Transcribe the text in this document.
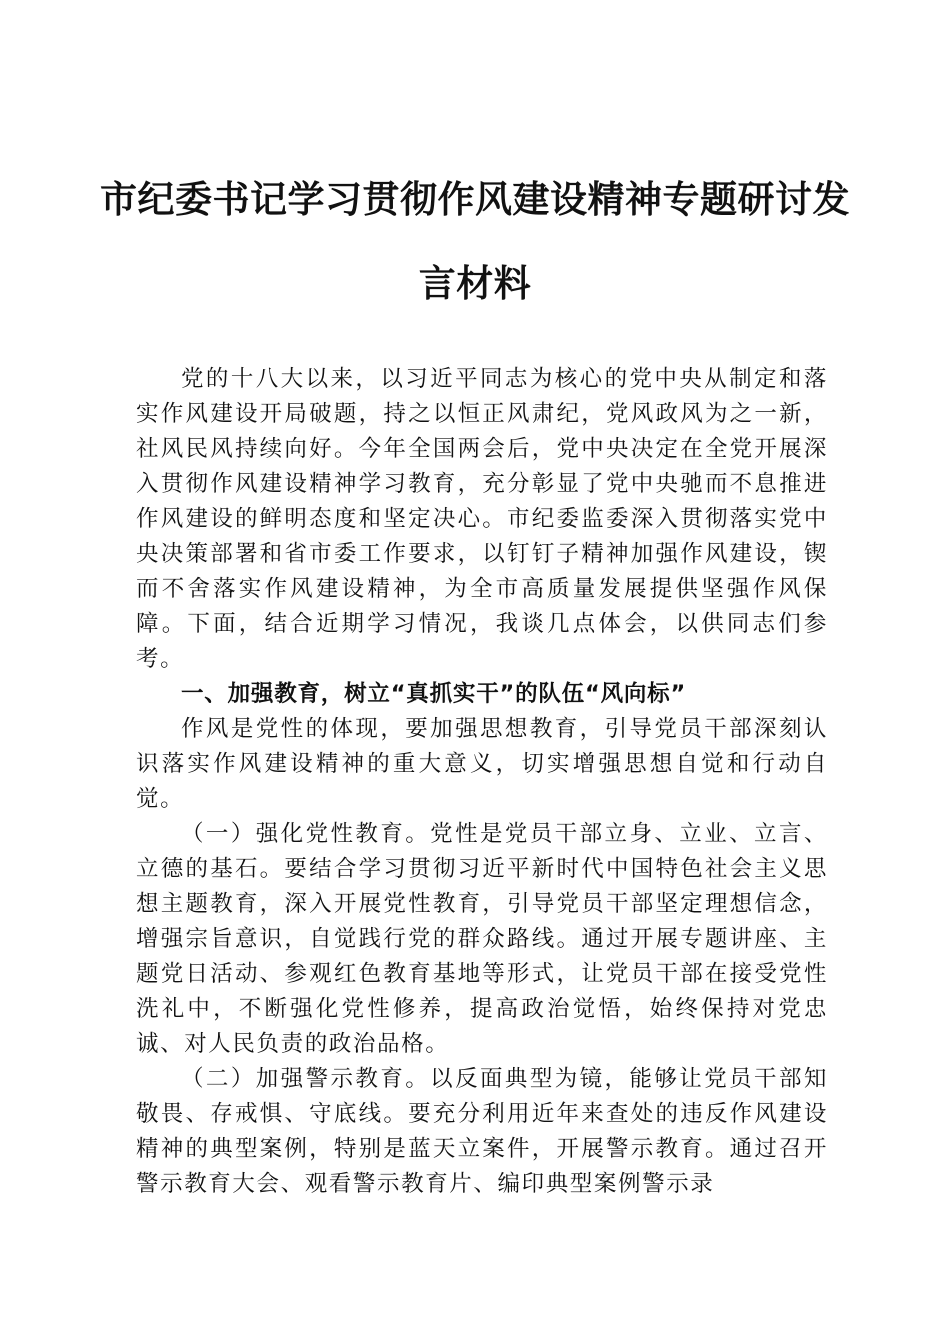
市纪委书记学习贯彻作风建设精神专题研讨发言材料

党的十八大以来，以习近平同志为核心的党中央从制定和落实作风建设开局破题，持之以恒正风肃纪，党风政风为之一新，社风民风持续向好。今年全国两会后，党中央决定在全党开展深入贯彻作风建设精神学习教育，充分彰显了党中央驰而不息推进作风建设的鲜明态度和坚定决心。市纪委监委深入贯彻落实党中央决策部署和省市委工作要求，以钉钉子精神加强作风建设，锲而不舍落实作风建设精神，为全市高质量发展提供坚强作风保障。下面，结合近期学习情况，我谈几点体会，以供同志们参考。

一、加强教育，树立“真抓实干”的队伍“风向标”

作风是党性的体现，要加强思想教育，引导党员干部深刻认识落实作风建设精神的重大意义，切实增强思想自觉和行动自觉。

（一）强化党性教育。党性是党员干部立身、立业、立言、立德的基石。要结合学习贯彻习近平新时代中国特色社会主义思想主题教育，深入开展党性教育，引导党员干部坚定理想信念，增强宗旨意识，自觉践行党的群众路线。通过开展专题讲座、主题党日活动、参观红色教育基地等形式，让党员干部在接受党性洗礼中，不断强化党性修养，提高政治觉悟，始终保持对党忠诚、对人民负责的政治品格。

（二）加强警示教育。以反面典型为镜，能够让党员干部知敬畏、存戒惧、守底线。要充分利用近年来查处的违反作风建设精神的典型案例，特别是蓝天立案件，开展警示教育。通过召开警示教育大会、观看警示教育片、编印典型案例警示录
